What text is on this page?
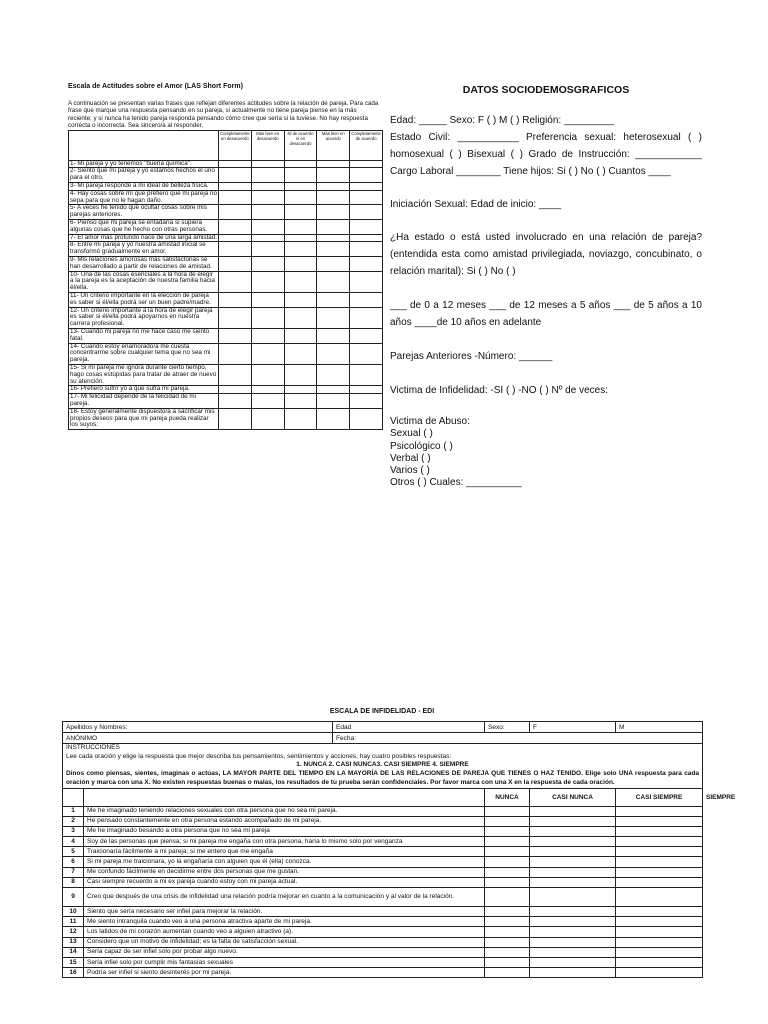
Escala de Actitudes sobre el Amor (LAS Short Form)

A continuación se presentan varias frases que reflejan diferentes actitudes sobre la relación de pareja. Para cada frase que marque una respuesta pensando en su pareja, si actualmente no tiene pareja piense en la más reciente; y si nunca ha tenido pareja responda pensando cómo cree que sería si la tuviese. No hay respuesta correcta o incorrecta. Sea sincero/a al responder.

	Completamente en desacuerdo	Más bien en desacuerdo	Ni de acuerdo ni en desacuerdo	Más bien en acuerdo	Completamente de acuerdo
1- Mi pareja y yo tenemos "buena química".					
2- Siento que mi pareja y yo estamos hechos el uno para el otro.					
3- Mi pareja responde a mi ideal de belleza física.					
4- Hay cosas sobre mí que prefiero que mi pareja no sepa para que no le hagan daño.					
5- A veces he tenido que ocultar cosas sobre mis parejas anteriores.					
6- Pienso que mi pareja se enfadaría si supiera algunas cosas que he hecho con otras personas.					
7- El amor más profundo nace de una larga amistad.					
8- Entre mi pareja y yo nuestra amistad inicial se transformó gradualmente en amor.					
9- Mis relaciones amorosas más satisfactorias se han desarrollado a partir de relaciones de amistad.					
10- Una de las cosas esenciales a la hora de elegir a la pareja es la aceptación de nuestra familia hacia él/ella.					
11- Un criterio importante en la elección de pareja es saber si él/ella podrá ser un buen padre/madre.					
12- Un criterio importante a la hora de elegir pareja es saber si él/ella podrá apoyarnos en nuestra carrera profesional.					
13- Cuando mi pareja no me hace caso me siento fatal.					
14- Cuando estoy enamorado/a me cuesta concentrarme sobre cualquier tema que no sea mi pareja.					
15- Si mi pareja me ignora durante cierto tiempo, hago cosas estúpidas para tratar de atraer de nuevo su atención.					
16- Prefiero sufrir yo a que sufra mi pareja.					
17- Mi felicidad depende de la felicidad de mi pareja.					
18- Estoy generalmente dispuesto/a a sacrificar mis propios deseos para que mi pareja pueda realizar los suyos.					
DATOS SOCIODEMOSGRAFICOS

Edad: _____ Sexo: F ( ) M ( ) Religión: _________

Estado Civil: ___________ Preferencia sexual: heterosexual ( ) homosexual ( ) Bisexual ( ) Grado de Instrucción: ____________ Cargo Laboral ________ Tiene hijos: Si ( ) No ( ) Cuantos ____

Iniciación Sexual: Edad de inicio: ____

¿Ha estado o está usted involucrado en una relación de pareja? (entendida esta como amistad privilegiada, noviazgo, concubinato, o relación marital): Si ( ) No ( )

___ de 0 a 12 meses ___ de 12 meses a 5 años ___ de 5 años a 10 años ____de 10 años en adelante

Parejas Anteriores -Número: ______

Victima de Infidelidad: -SI ( ) -NO ( ) Nº de veces:

Victima de Abuso:

Sexual ( )
Psicológico ( )
Verbal ( )
Varios ( )
Otros ( ) Cuales: __________
ESCALA DE INFIDELIDAD - EDI
Apellidos y Nombres:		Edad	Sexo:	F	M	
ANÓNIMO		Fecha:				

INSTRUCCIONES
Lee cada oración y elige la respuesta que mejor describa tus pensamientos, sentimientos y acciones, hay cuatro posibles respuestas:
1. NUNCA 2. CASI NUNCA3. CASI SIEMPRE 4. SIEMPRE
Dinos como piensas, sientes, imaginas o actúas, LA MAYOR PARTE DEL TIEMPO EN LA MAYORÍA DE LAS RELACIONES DE PAREJA QUE TIENES O HAZ TENIDO. Elige solo UNA respuesta para cada oración y marca con una X. No existen respuestas buenas o malas, los resultados de tu prueba serán confidenciales. Por favor marca con una X en la respuesta de cada oración.						

			NUNCA	CASI NUNCA	CASI SIEMPRE	SIEMPRE
1	Me he imaginado teniendo relaciones sexuales con otra persona que no sea mi pareja.					
2	He pensado constantemente en otra persona estando acompañado de mi pareja.					
3	Me he imaginado besando a otra persona que no sea mi pareja					
4	Soy de las personas que piensa; si mi pareja me engaña con otra persona, haría lo mismo solo por venganza					
5	Traicionaría fácilmente a mi pareja; si me entero que me engaña					
6	Si mi pareja me traicionara, yo la engañaría con alguien que él (ella) conozca.					
7	Me confundo fácilmente en decidirme entre dos personas que me gustan.					
8	Casi siempre recuerdo a mi ex pareja cuando estoy con mi pareja actual.					
9	Creo que después de una crisis de infidelidad una relación podría mejorar en cuanto a la comunicación y al valor de la relación.					
10	Siento que sería necesario ser infiel para mejorar la relación.					
11	Me siento intranquila cuando veo a una persona atractiva aparte de mi pareja.					
12	Los latidos de mi corazón aumentan cuando veo a alguien atractivo (a).					
13	Considero que un motivo de infidelidad; es la falta de satisfacción sexual.					
14	Sería capaz de ser infiel solo por probar algo nuevo.					
15	Sería infiel solo por cumplir mis fantasías sexuales					
16	Podría ser infiel si siento desinterés por mi pareja.					
